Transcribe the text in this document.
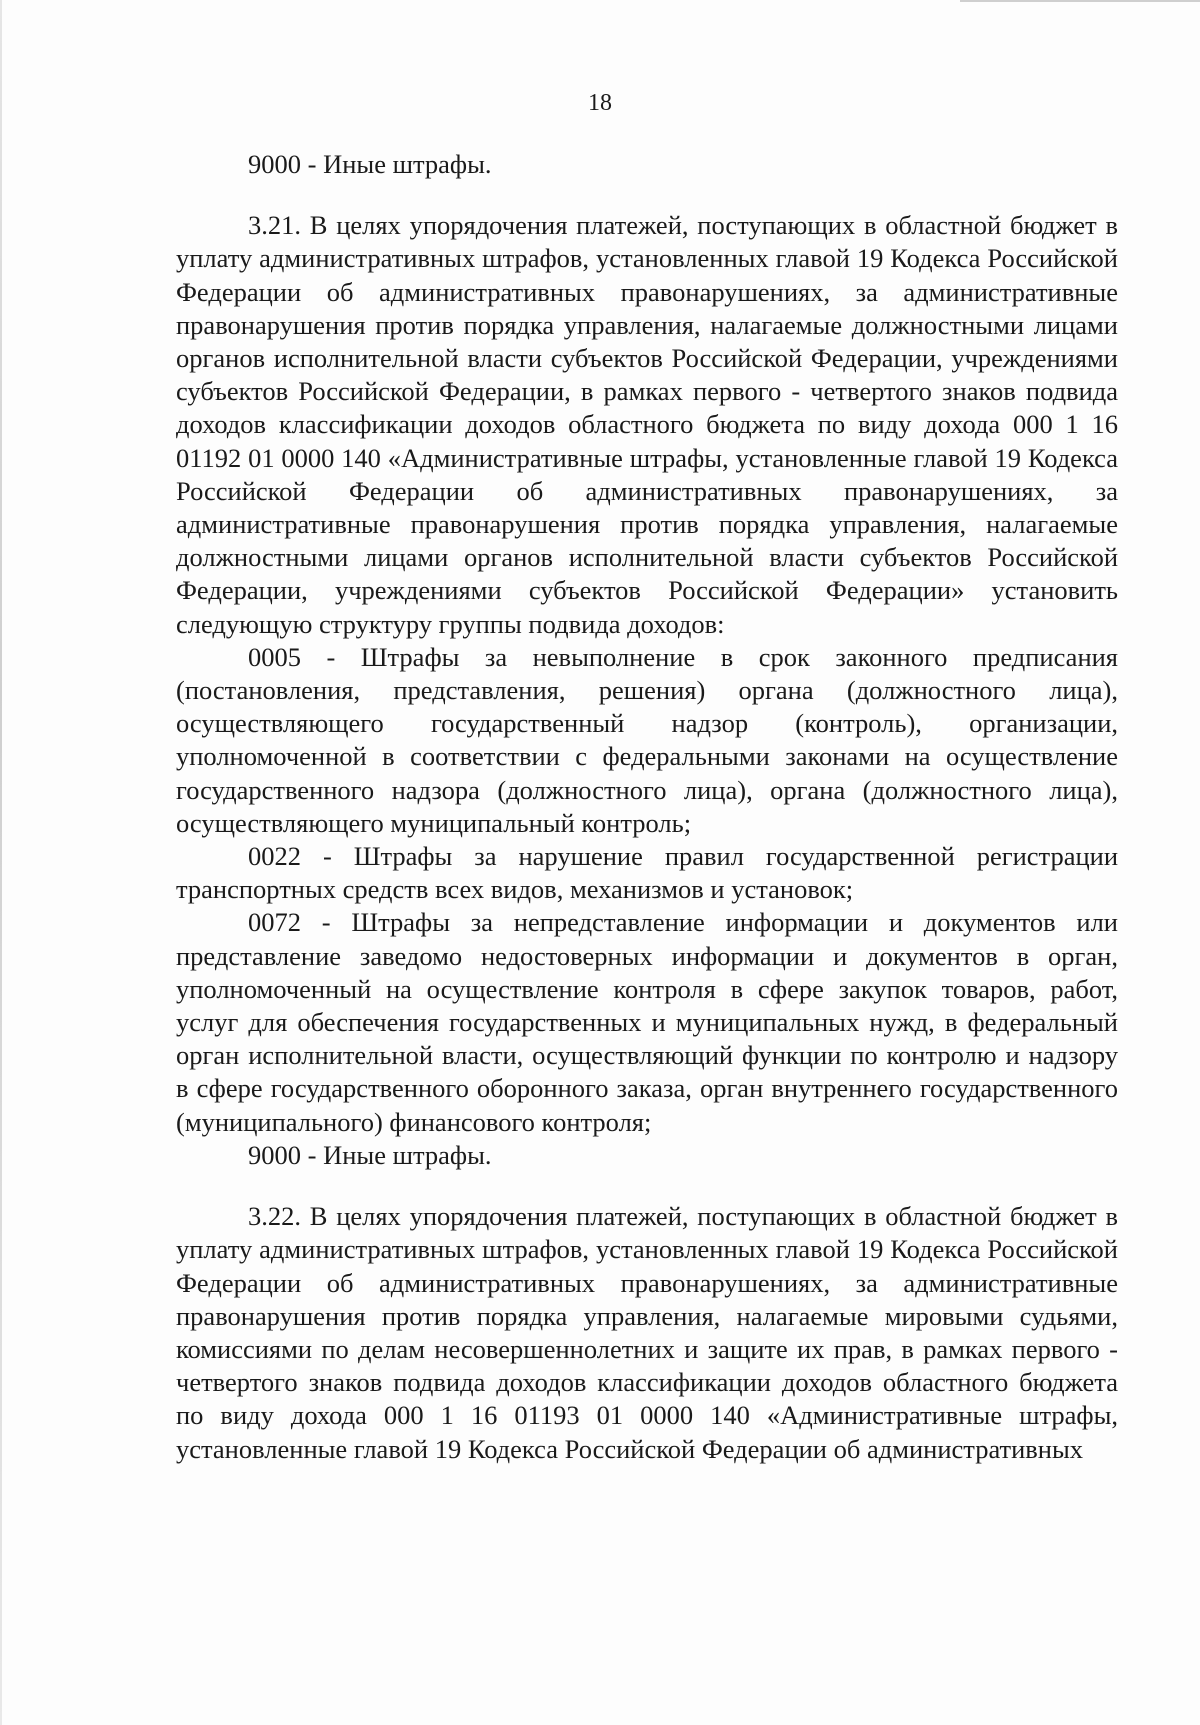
18

9000 - Иные штрафы.

3.21. В целях упорядочения платежей, поступающих в областной бюджет в уплату административных штрафов, установленных главой 19 Кодекса Российской Федерации об административных правонарушениях, за административные правонарушения против порядка управления, налагаемые должностными лицами органов исполнительной власти субъектов Российской Федерации, учреждениями субъектов Российской Федерации, в рамках первого - четвертого знаков подвида доходов классификации доходов областного бюджета по виду дохода 000 1 16 01192 01 0000 140 «Административные штрафы, установленные главой 19 Кодекса Российской Федерации об административных правонарушениях, за административные правонарушения против порядка управления, налагаемые должностными лицами органов исполнительной власти субъектов Российской Федерации, учреждениями субъектов Российской Федерации» установить следующую структуру группы подвида доходов:

0005 - Штрафы за невыполнение в срок законного предписания (постановления, представления, решения) органа (должностного лица), осуществляющего государственный надзор (контроль), организации, уполномоченной в соответствии с федеральными законами на осуществление государственного надзора (должностного лица), органа (должностного лица), осуществляющего муниципальный контроль;

0022 - Штрафы за нарушение правил государственной регистрации транспортных средств всех видов, механизмов и установок;

0072 - Штрафы за непредставление информации и документов или представление заведомо недостоверных информации и документов в орган, уполномоченный на осуществление контроля в сфере закупок товаров, работ, услуг для обеспечения государственных и муниципальных нужд, в федеральный орган исполнительной власти, осуществляющий функции по контролю и надзору в сфере государственного оборонного заказа, орган внутреннего государственного (муниципального) финансового контроля;

9000 - Иные штрафы.

3.22. В целях упорядочения платежей, поступающих в областной бюджет в уплату административных штрафов, установленных главой 19 Кодекса Российской Федерации об административных правонарушениях, за административные правонарушения против порядка управления, налагаемые мировыми судьями, комиссиями по делам несовершеннолетних и защите их прав, в рамках первого - четвертого знаков подвида доходов классификации доходов областного бюджета по виду дохода 000 1 16 01193 01 0000 140 «Административные штрафы, установленные главой 19 Кодекса Российской Федерации об административных
